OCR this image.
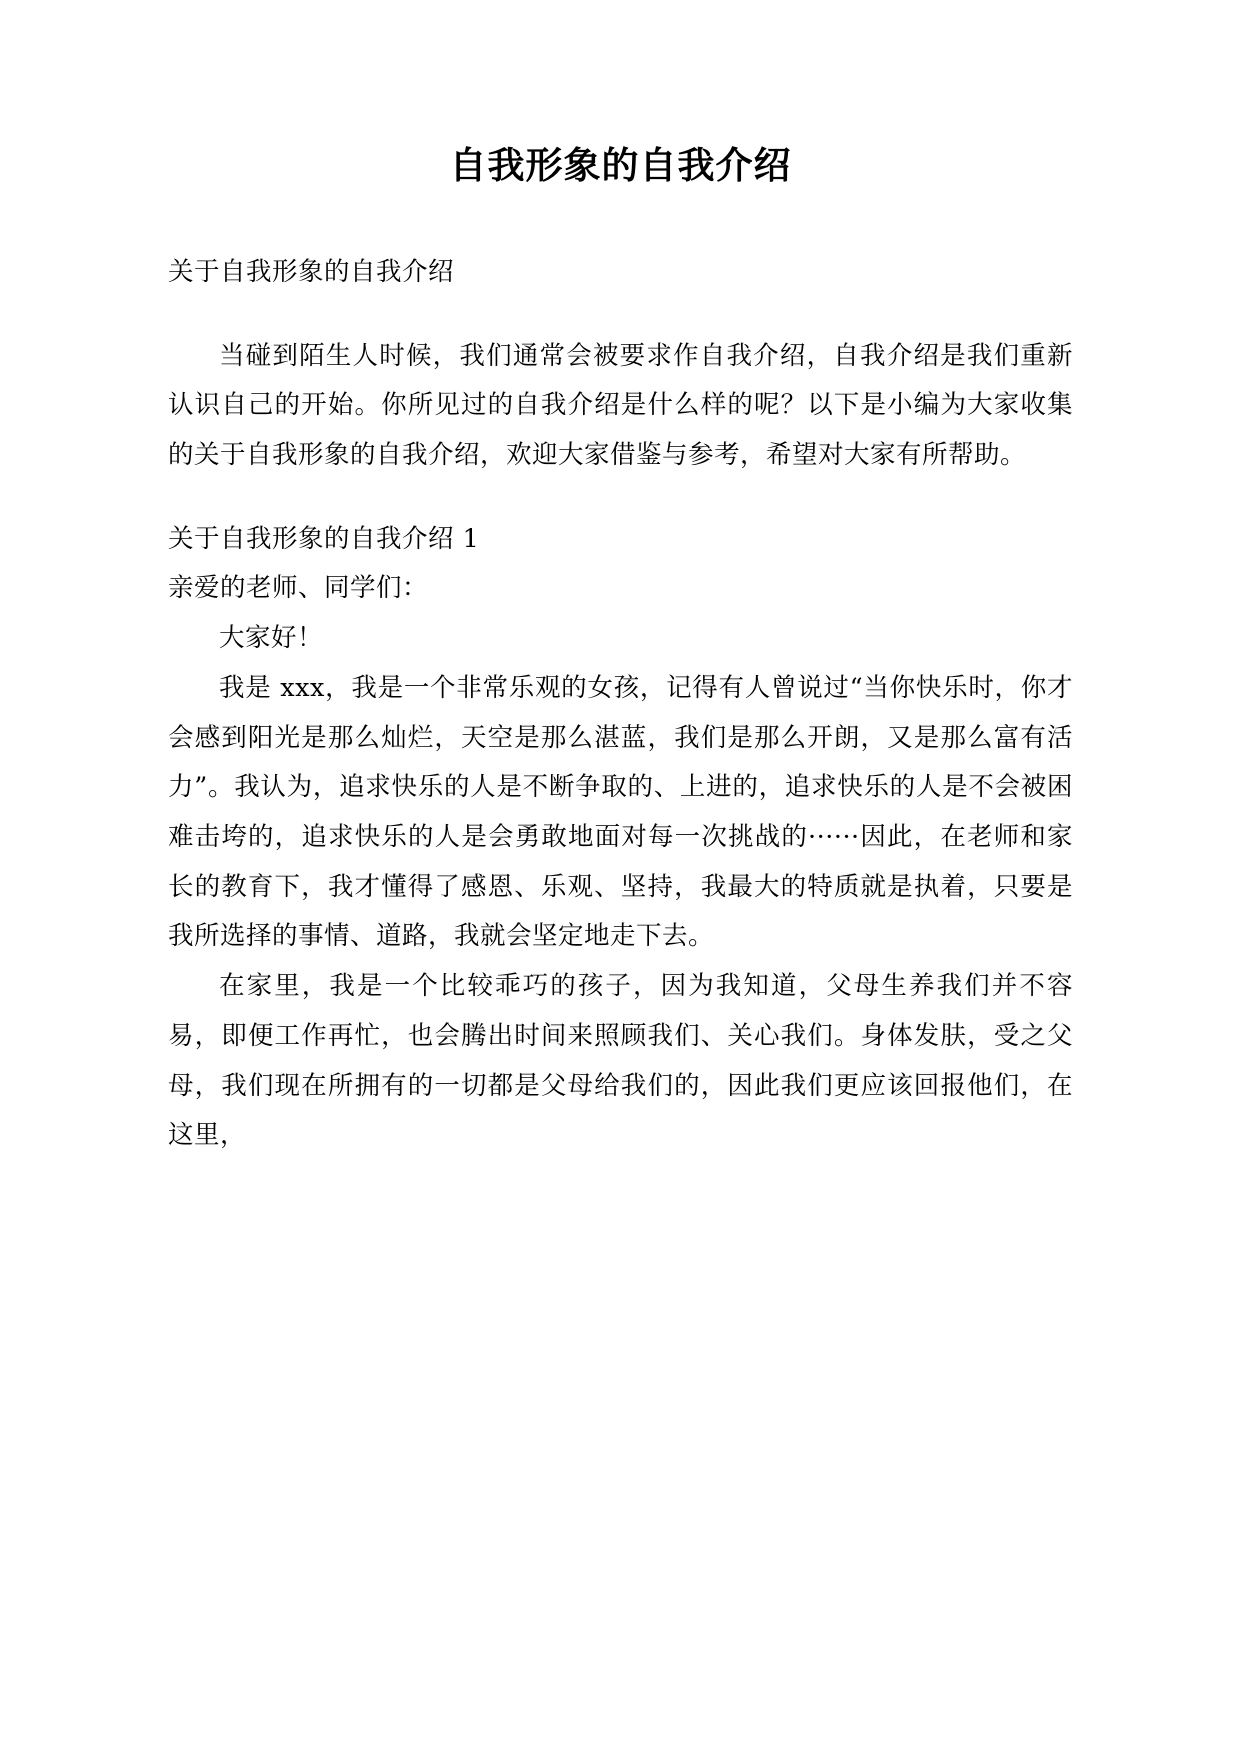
自我形象的自我介绍

关于自我形象的自我介绍

当碰到陌生人时候，我们通常会被要求作自我介绍，自我介绍是我们重新认识自己的开始。你所见过的自我介绍是什么样的呢？以下是小编为大家收集的关于自我形象的自我介绍，欢迎大家借鉴与参考，希望对大家有所帮助。

关于自我形象的自我介绍 1

亲爱的老师、同学们：

大家好！

我是 xxx，我是一个非常乐观的女孩，记得有人曾说过“当你快乐时，你才会感到阳光是那么灿烂，天空是那么湛蓝，我们是那么开朗，又是那么富有活力”。我认为，追求快乐的人是不断争取的、上进的，追求快乐的人是不会被困难击垮的，追求快乐的人是会勇敢地面对每一次挑战的······因此，在老师和家长的教育下，我才懂得了感恩、乐观、坚持，我最大的特质就是执着，只要是我所选择的事情、道路，我就会坚定地走下去。

在家里，我是一个比较乖巧的孩子，因为我知道，父母生养我们并不容易，即便工作再忙，也会腾出时间来照顾我们、关心我们。身体发肤，受之父母，我们现在所拥有的一切都是父母给我们的，因此我们更应该回报他们，在这里，
